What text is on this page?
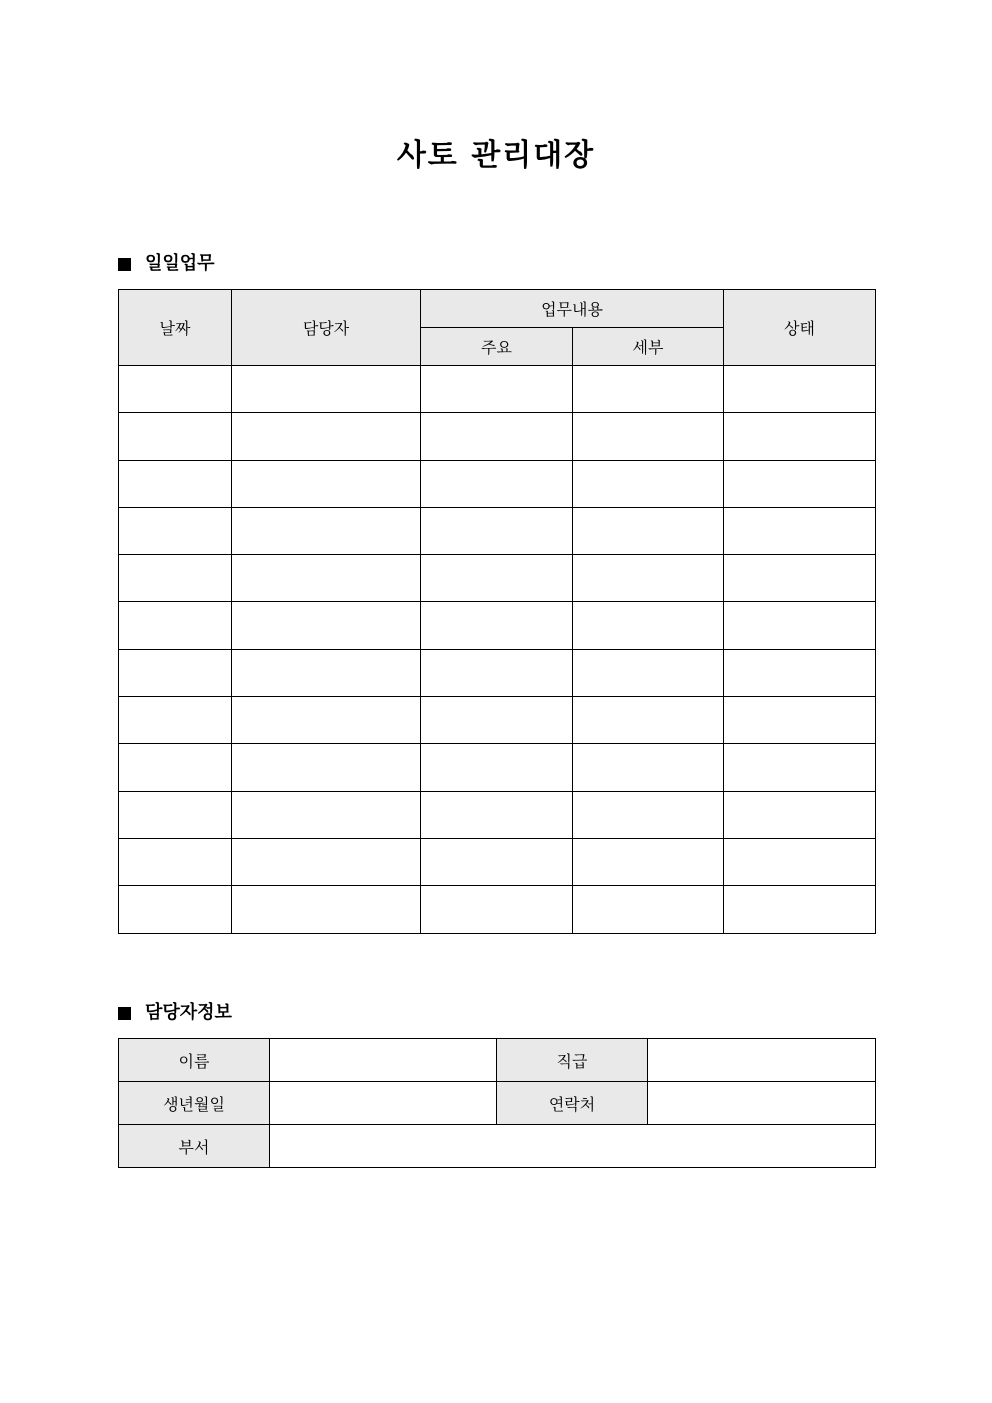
사토 관리대장
일일업무
날짜	담당자	업무내용		상태
		주요	세부	

담당자정보
이름		직급	
생년월일		연락처	
부서			
